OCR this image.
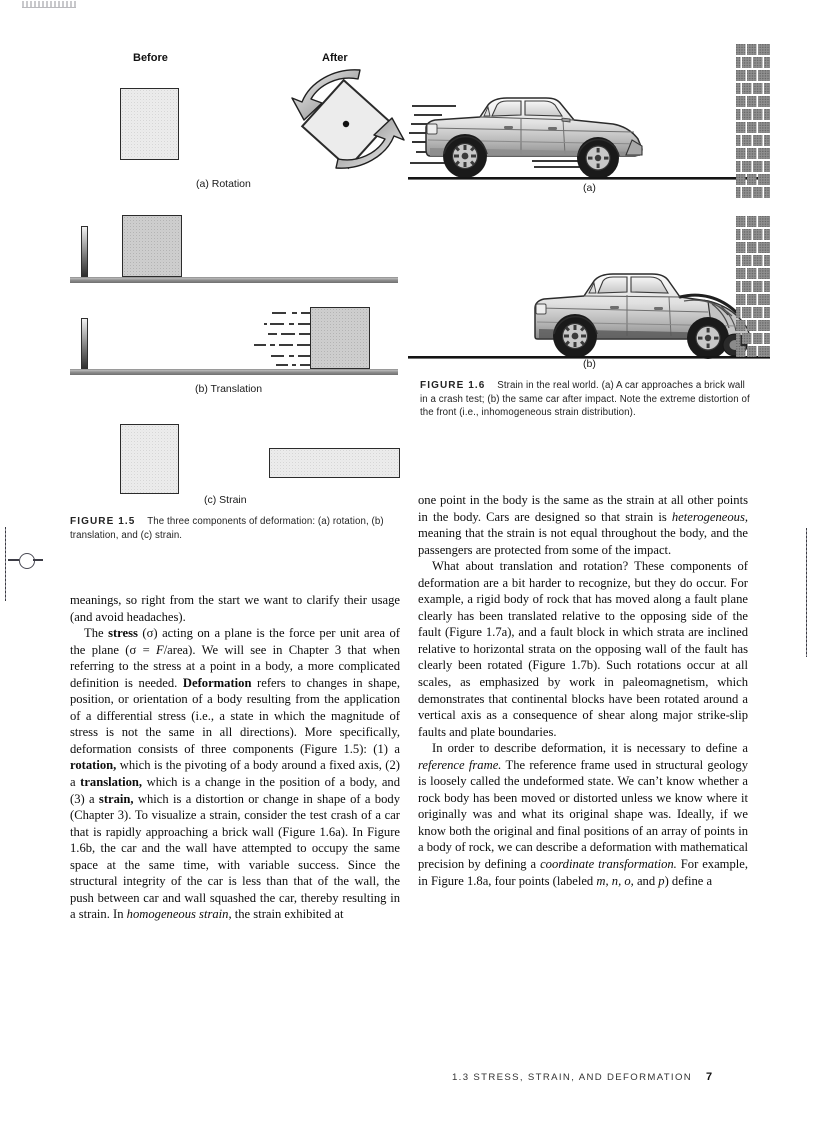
Before	After
(a) Rotation
(b) Translation
(c) Strain
FIGURE 1.5 The three components of deformation: (a) rotation, (b) translation, and (c) strain.
(a)
(b)
FIGURE 1.6 Strain in the real world. (a) A car approaches a brick wall in a crash test; (b) the same car after impact. Note the extreme distortion of the front (i.e., inhomogeneous strain distribution).

meanings, so right from the start we want to clarify their usage (and avoid headaches).

The stress (σ) acting on a plane is the force per unit area of the plane (σ = F/area). We will see in Chapter 3 that when referring to the stress at a point in a body, a more complicated definition is needed. Deformation refers to changes in shape, position, or orientation of a body resulting from the application of a differential stress (i.e., a state in which the magnitude of stress is not the same in all directions). More specifically, deformation consists of three components (Figure 1.5): (1) a rotation, which is the pivoting of a body around a fixed axis, (2) a translation, which is a change in the position of a body, and (3) a strain, which is a distortion or change in shape of a body (Chapter 3). To visualize a strain, consider the test crash of a car that is rapidly approaching a brick wall (Figure 1.6a). In Figure 1.6b, the car and the wall have attempted to occupy the same space at the same time, with variable success. Since the structural integrity of the car is less than that of the wall, the push between car and wall squashed the car, thereby resulting in a strain. In homogeneous strain, the strain exhibited at

one point in the body is the same as the strain at all other points in the body. Cars are designed so that strain is heterogeneous, meaning that the strain is not equal throughout the body, and the passengers are protected from some of the impact.

What about translation and rotation? These components of deformation are a bit harder to recognize, but they do occur. For example, a rigid body of rock that has moved along a fault plane clearly has been translated relative to the opposing side of the fault (Figure 1.7a), and a fault block in which strata are inclined relative to horizontal strata on the opposing wall of the fault has clearly been rotated (Figure 1.7b). Such rotations occur at all scales, as emphasized by work in paleomagnetism, which demonstrates that continental blocks have been rotated around a vertical axis as a consequence of shear along major strike-slip faults and plate boundaries.

In order to describe deformation, it is necessary to define a reference frame. The reference frame used in structural geology is loosely called the undeformed state. We can’t know whether a rock body has been moved or distorted unless we know where it originally was and what its original shape was. Ideally, if we know both the original and final positions of an array of points in a body of rock, we can describe a deformation with mathematical precision by defining a coordinate transformation. For example, in Figure 1.8a, four points (labeled m, n, o, and p) define a

1.3 STRESS, STRAIN, AND DEFORMATION 7
